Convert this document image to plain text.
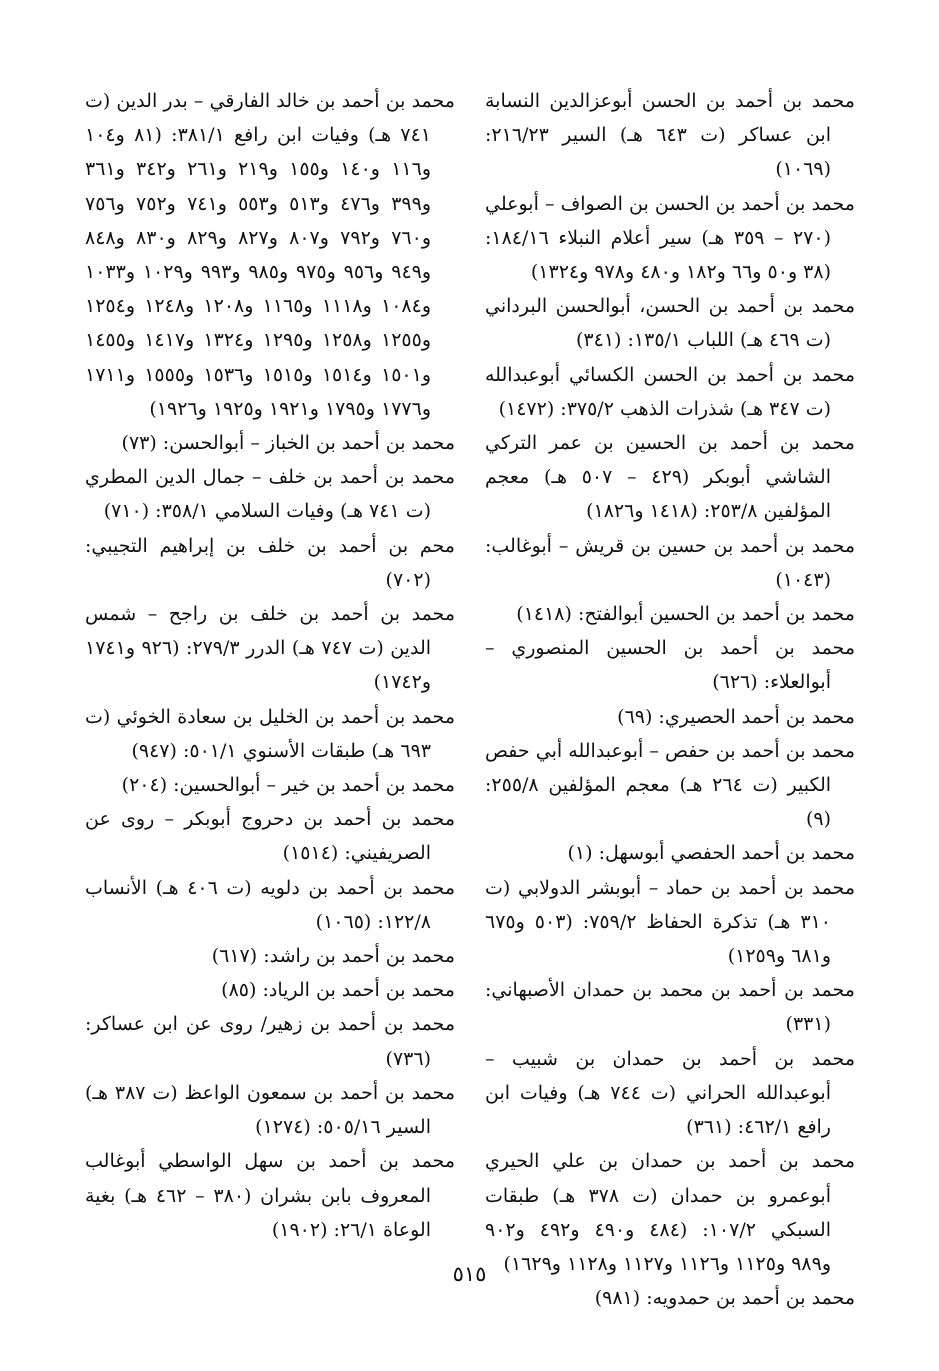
محمد بن أحمد بن الحسن أبوعزالدين النسابة ابن عساكر (ت ٦٤٣ هـ) السير ٢١٦/٢٣: (١٠٦٩)
محمد بن أحمد بن الحسن بن الصواف – أبوعلي (٢٧٠ – ٣٥٩ هـ) سير أعلام النبلاء ١٨٤/١٦: (٣٨ و٥٠ و٦٦ و١٨٢ و٤٨٠ و٩٧٨ و١٣٢٤)
محمد بن أحمد بن الحسن، أبوالحسن البرداني (ت ٤٦٩ هـ) اللباب ١٣٥/١: (٣٤١)
محمد بن أحمد بن الحسن الكسائي أبوعبدالله (ت ٣٤٧ هـ) شذرات الذهب ٣٧٥/٢: (١٤٧٢)
محمد بن أحمد بن الحسين بن عمر التركي الشاشي أبوبكر (٤٢٩ – ٥٠٧ هـ) معجم المؤلفين ٢٥٣/٨: (١٤١٨ و١٨٢٦)
محمد بن أحمد بن حسين بن قريش – أبوغالب: (١٠٤٣)
محمد بن أحمد بن الحسين أبوالفتح: (١٤١٨)
محمد بن أحمد بن الحسين المنصوري – أبوالعلاء: (٦٢٦)
محمد بن أحمد الحصيري: (٦٩)
محمد بن أحمد بن حفص – أبوعبدالله أبي حفص الكبير (ت ٢٦٤ هـ) معجم المؤلفين ٢٥٥/٨: (٩)
محمد بن أحمد الحفصي أبوسهل: (١)
محمد بن أحمد بن حماد – أبوبشر الدولابي (ت ٣١٠ هـ) تذكرة الحفاظ ٧٥٩/٢: (٥٠٣ و٦٧٥ و٦٨١ و١٢٥٩)
محمد بن أحمد بن محمد بن حمدان الأصبهاني: (٣٣١)
محمد بن أحمد بن حمدان بن شبيب – أبوعبدالله الحراني (ت ٧٤٤ هـ) وفيات ابن رافع ٤٦٢/١: (٣٦١)
محمد بن أحمد بن حمدان بن علي الحيري أبوعمرو بن حمدان (ت ٣٧٨ هـ) طبقات السبكي ١٠٧/٢: (٤٨٤ و٤٩٠ و٤٩٢ و٩٠٢ و٩٨٩ و١١٢٥ و١١٢٦ و١١٢٧ و١١٢٨ و١٦٢٩)
محمد بن أحمد بن حمدويه: (٩٨١)
محمد بن أحمد بن خالد الفارقي – بدر الدين (ت ٧٤١ هـ) وفيات ابن رافع ٣٨١/١: (٨١ و١٠٤ و١١٦ و١٤٠ و١٥٥ و٢١٩ و٢٦١ و٣٤٢ و٣٦١ و٣٩٩ و٤٧٦ و٥١٣ و٥٥٣ و٧٤١ و٧٥٢ و٧٥٦ و٧٦٠ و٧٩٢ و٨٠٧ و٨٢٧ و٨٢٩ و٨٣٠ و٨٤٨ و٩٤٩ و٩٥٦ و٩٧٥ و٩٨٥ و٩٩٣ و١٠٢٩ و١٠٣٣ و١٠٨٤ و١١١٨ و١١٦٥ و١٢٠٨ و١٢٤٨ و١٢٥٤ و١٢٥٥ و١٢٥٨ و١٢٩٥ و١٣٢٤ و١٤١٧ و١٤٥٥ و١٥٠١ و١٥١٤ و١٥١٥ و١٥٣٦ و١٥٥٥ و١٧١١ و١٧٧٦ و١٧٩٥ و١٩٢١ و١٩٢٥ و١٩٢٦)
محمد بن أحمد بن الخباز – أبوالحسن: (٧٣)
محمد بن أحمد بن خلف – جمال الدين المطري (ت ٧٤١ هـ) وفيات السلامي ٣٥٨/١: (٧١٠)
محم بن أحمد بن خلف بن إبراهيم التجيبي: (٧٠٢)
محمد بن أحمد بن خلف بن راجح – شمس الدين (ت ٧٤٧ هـ) الدرر ٢٧٩/٣: (٩٢٦ و١٧٤١ و١٧٤٢)
محمد بن أحمد بن الخليل بن سعادة الخوئي (ت ٦٩٣ هـ) طبقات الأسنوي ٥٠١/١: (٩٤٧)
محمد بن أحمد بن خير – أبوالحسين: (٢٠٤)
محمد بن أحمد بن دحروج أبوبكر – روى عن الصريفيني: (١٥١٤)
محمد بن أحمد بن دلويه (ت ٤٠٦ هـ) الأنساب ١٢٢/٨: (١٠٦٥)
محمد بن أحمد بن راشد: (٦١٧)
محمد بن أحمد بن الرياد: (٨٥)
محمد بن أحمد بن زهير/ روى عن ابن عساكر: (٧٣٦)
محمد بن أحمد بن سمعون الواعظ (ت ٣٨٧ هـ) السير ٥٠٥/١٦: (١٢٧٤)
محمد بن أحمد بن سهل الواسطي أبوغالب المعروف بابن بشران (٣٨٠ – ٤٦٢ هـ) بغية الوعاة ٢٦/١: (١٩٠٢)
٥١٥
